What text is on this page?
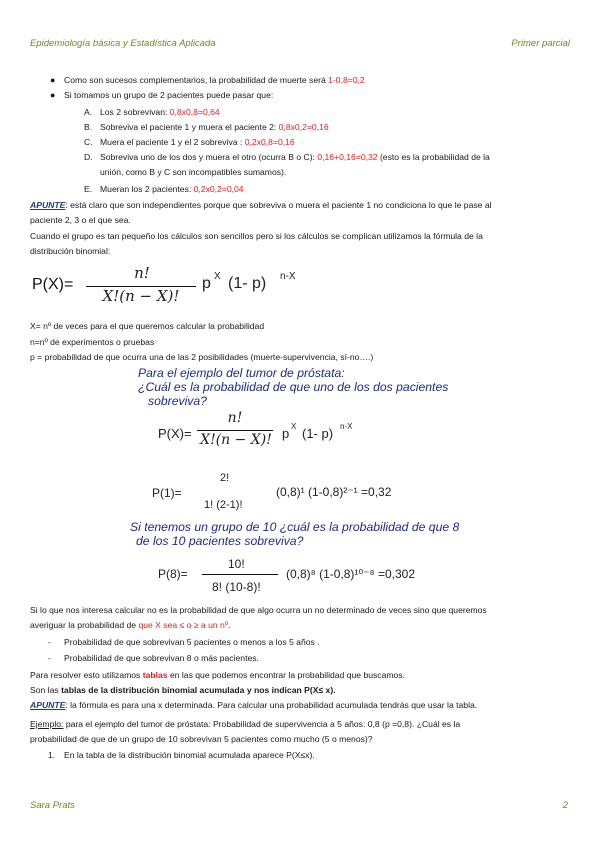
Epidemiología básica y Estadística Aplicada	Primer parcial
● Como son sucesos complementarios, la probabilidad de muerte será 1-0,8=0,2
● Si tomamos un grupo de 2 pacientes puede pasar que:
A. Los 2 sobrevivan: 0,8x0,8=0,64
B. Sobreviva el paciente 1 y muera el paciente 2: 0,8x0,2=0,16
C. Muera el paciente 1 y el 2 sobreviva : 0,2x0,8=0,16
D. Sobreviva uno de los dos y muera el otro (ocurra B o C): 0,16+0,16=0,32 (esto es la probabilidad de la
unión, como B y C son incompatibles sumamos).
E. Mueran los 2 pacientes: 0,2x0,2=0,04
APUNTE: está claro que son independientes porque que sobreviva o muera el paciente 1 no condiciona lo que le pase al
paciente 2, 3 o el que sea.
Cuando el grupo es tan pequeño los cálculos son sencillos pero si los cálculos se complican utilizamos la fórmula de la
distribución binomial:
P(X)=
n!
X!(n − X)!
p X (1- p) n-X
X= nº de veces para el que queremos calcular la probabilidad
n=nº de experimentos o pruebas
p = probabilidad de que ocurra una de las 2 posibilidades (muerte-supervivencia, sí-no….)
Para el ejemplo del tumor de próstata:
¿Cuál es la probabilidad de que uno de los dos pacientes
sobreviva?
P(X)=
n!
X!(n − X)! p X (1- p) n-X
P(1)=
2!
1! (2-1)!
(0,8)¹ (1-0,8)²⁻¹ =0,32
Si tenemos un grupo de 10 ¿cuál es la probabilidad de que 8
de los 10 pacientes sobreviva?
P(8)=
10!
8! (10-8)!
(0,8)⁸ (1-0,8)¹⁰⁻⁸ =0,302
Si lo que nos interesa calcular no es la probabilidad de que algo ocurra un no determinado de veces sino que queremos
averiguar la probabilidad de que X sea ≤ o ≥ a un nº.
- Probabilidad de que sobrevivan 5 pacientes o menos a los 5 años .
- Probabilidad de que sobrevivan 8 o más pacientes.
Para resolver esto utilizamos tablas en las que podemos encontrar la probabilidad que buscamos.
Son las tablas de la distribución binomial acumulada y nos indican P(X≤ x).
APUNTE: la fórmula es para una x determinada. Para calcular una probabilidad acumulada tendrás que usar la tabla.
Ejemplo: para el ejemplo del tumor de próstata: Probabilidad de supervivencia a 5 años: 0,8 (p =0,8). ¿Cuál es la
probabilidad de que de un grupo de 10 sobrevivan 5 pacientes como mucho (5 o menos)?
1. En la tabla de la distribución binomial acumulada aparece P(X≤x).
Sara Prats	2
